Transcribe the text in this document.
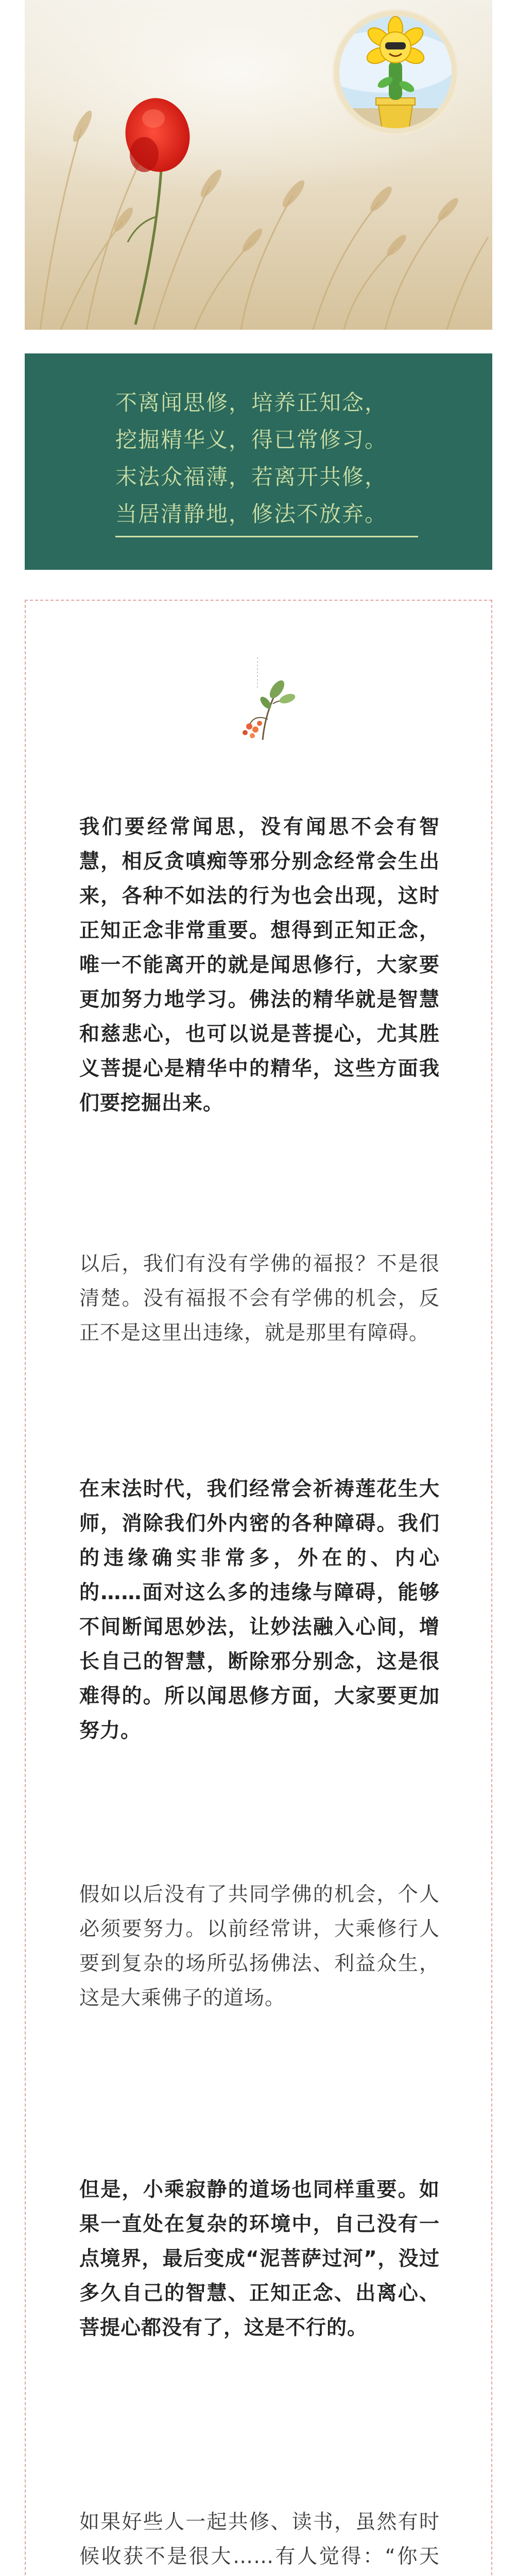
不离闻思修，培养正知念，
挖掘精华义，得已常修习。
末法众福薄，若离开共修，
当居清静地，修法不放弃。

我们要经常闻思，没有闻思不会有智慧，相反贪嗔痴等邪分别念经常会生出来，各种不如法的行为也会出现，这时正知正念非常重要。想得到正知正念，唯一不能离开的就是闻思修行，大家要更加努力地学习。佛法的精华就是智慧和慈悲心，也可以说是菩提心，尤其胜义菩提心是精华中的精华，这些方面我们要挖掘出来。

以后，我们有没有学佛的福报？不是很清楚。没有福报不会有学佛的机会，反正不是这里出违缘，就是那里有障碍。

在末法时代，我们经常会祈祷莲花生大师，消除我们外内密的各种障碍。我们的违缘确实非常多，外在的、内心的……面对这么多的违缘与障碍，能够不间断闻思妙法，让妙法融入心间，增长自己的智慧，断除邪分别念，这是很难得的。所以闻思修方面，大家要更加努力。

假如以后没有了共同学佛的机会，个人必须要努力。以前经常讲，大乘修行人要到复杂的场所弘扬佛法、利益众生，这是大乘佛子的道场。

但是，小乘寂静的道场也同样重要。如果一直处在复杂的环境中，自己没有一点境界，最后变成“泥菩萨过河”，没过多久自己的智慧、正知正念、出离心、菩提心都没有了，这是不行的。

如果好些人一起共修、读书，虽然有时候收获不是很大……有人觉得：“你天
